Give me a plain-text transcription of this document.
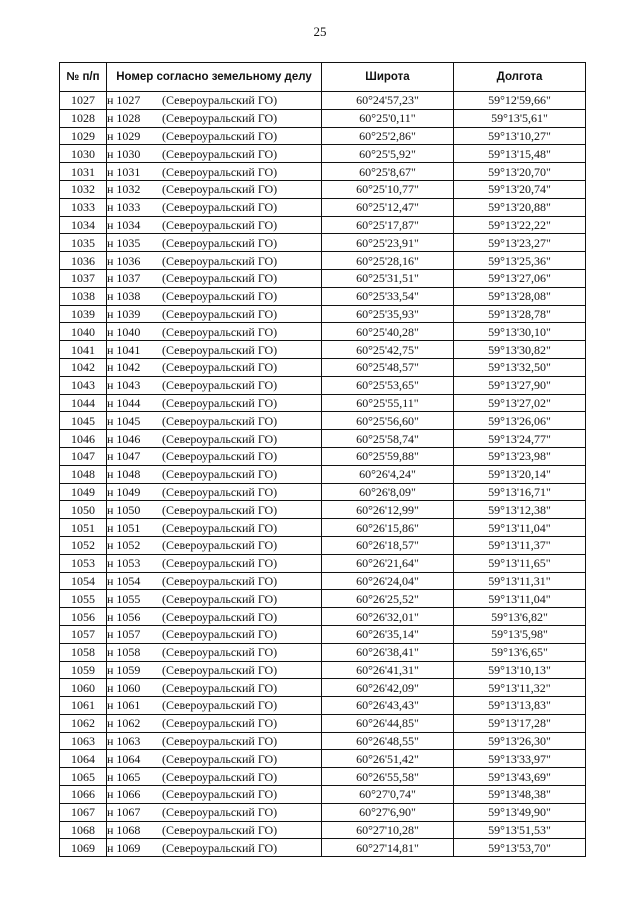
25
№ п/п	Номер согласно земельному делу	Широта	Долгота
1027	н 1027 (Североуральский ГО)	60°24'57,23"	59°12'59,66"
1028	н 1028 (Североуральский ГО)	60°25'0,11"	59°13'5,61"
1029	н 1029 (Североуральский ГО)	60°25'2,86"	59°13'10,27"
1030	н 1030 (Североуральский ГО)	60°25'5,92"	59°13'15,48"
1031	н 1031 (Североуральский ГО)	60°25'8,67"	59°13'20,70"
1032	н 1032 (Североуральский ГО)	60°25'10,77"	59°13'20,74"
1033	н 1033 (Североуральский ГО)	60°25'12,47"	59°13'20,88"
1034	н 1034 (Североуральский ГО)	60°25'17,87"	59°13'22,22"
1035	н 1035 (Североуральский ГО)	60°25'23,91"	59°13'23,27"
1036	н 1036 (Североуральский ГО)	60°25'28,16"	59°13'25,36"
1037	н 1037 (Североуральский ГО)	60°25'31,51"	59°13'27,06"
1038	н 1038 (Североуральский ГО)	60°25'33,54"	59°13'28,08"
1039	н 1039 (Североуральский ГО)	60°25'35,93"	59°13'28,78"
1040	н 1040 (Североуральский ГО)	60°25'40,28"	59°13'30,10"
1041	н 1041 (Североуральский ГО)	60°25'42,75"	59°13'30,82"
1042	н 1042 (Североуральский ГО)	60°25'48,57"	59°13'32,50"
1043	н 1043 (Североуральский ГО)	60°25'53,65"	59°13'27,90"
1044	н 1044 (Североуральский ГО)	60°25'55,11"	59°13'27,02"
1045	н 1045 (Североуральский ГО)	60°25'56,60"	59°13'26,06"
1046	н 1046 (Североуральский ГО)	60°25'58,74"	59°13'24,77"
1047	н 1047 (Североуральский ГО)	60°25'59,88"	59°13'23,98"
1048	н 1048 (Североуральский ГО)	60°26'4,24"	59°13'20,14"
1049	н 1049 (Североуральский ГО)	60°26'8,09"	59°13'16,71"
1050	н 1050 (Североуральский ГО)	60°26'12,99"	59°13'12,38"
1051	н 1051 (Североуральский ГО)	60°26'15,86"	59°13'11,04"
1052	н 1052 (Североуральский ГО)	60°26'18,57"	59°13'11,37"
1053	н 1053 (Североуральский ГО)	60°26'21,64"	59°13'11,65"
1054	н 1054 (Североуральский ГО)	60°26'24,04"	59°13'11,31"
1055	н 1055 (Североуральский ГО)	60°26'25,52"	59°13'11,04"
1056	н 1056 (Североуральский ГО)	60°26'32,01"	59°13'6,82"
1057	н 1057 (Североуральский ГО)	60°26'35,14"	59°13'5,98"
1058	н 1058 (Североуральский ГО)	60°26'38,41"	59°13'6,65"
1059	н 1059 (Североуральский ГО)	60°26'41,31"	59°13'10,13"
1060	н 1060 (Североуральский ГО)	60°26'42,09"	59°13'11,32"
1061	н 1061 (Североуральский ГО)	60°26'43,43"	59°13'13,83"
1062	н 1062 (Североуральский ГО)	60°26'44,85"	59°13'17,28"
1063	н 1063 (Североуральский ГО)	60°26'48,55"	59°13'26,30"
1064	н 1064 (Североуральский ГО)	60°26'51,42"	59°13'33,97"
1065	н 1065 (Североуральский ГО)	60°26'55,58"	59°13'43,69"
1066	н 1066 (Североуральский ГО)	60°27'0,74"	59°13'48,38"
1067	н 1067 (Североуральский ГО)	60°27'6,90"	59°13'49,90"
1068	н 1068 (Североуральский ГО)	60°27'10,28"	59°13'51,53"
1069	н 1069 (Североуральский ГО)	60°27'14,81"	59°13'53,70"
